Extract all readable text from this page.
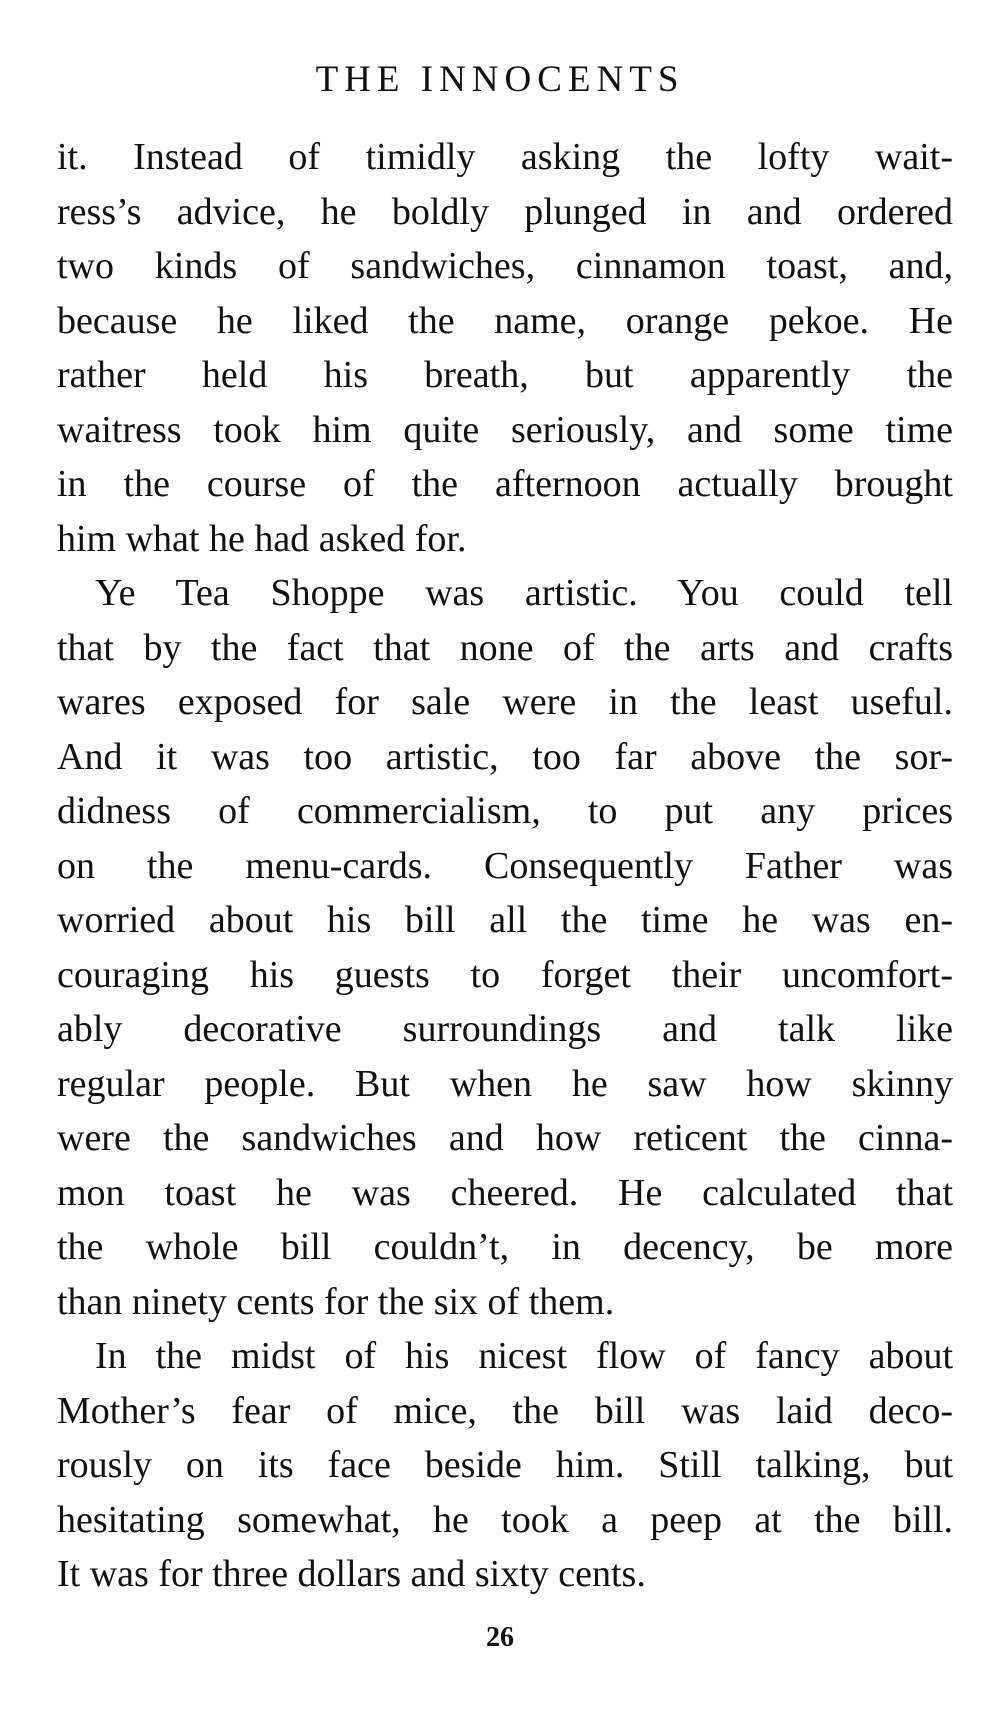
THE INNOCENTS

it. Instead of timidly asking the lofty wait-
ress’s advice, he boldly plunged in and ordered
two kinds of sandwiches, cinnamon toast, and,
because he liked the name, orange pekoe. He
rather held his breath, but apparently the
waitress took him quite seriously, and some time
in the course of the afternoon actually brought
him what he had asked for.

Ye Tea Shoppe was artistic. You could tell
that by the fact that none of the arts and crafts
wares exposed for sale were in the least useful.
And it was too artistic, too far above the sor-
didness of commercialism, to put any prices
on the menu-cards. Consequently Father was
worried about his bill all the time he was en-
couraging his guests to forget their uncomfort-
ably decorative surroundings and talk like
regular people. But when he saw how skinny
were the sandwiches and how reticent the cinna-
mon toast he was cheered. He calculated that
the whole bill couldn’t, in decency, be more
than ninety cents for the six of them.

In the midst of his nicest flow of fancy about
Mother’s fear of mice, the bill was laid deco-
rously on its face beside him. Still talking, but
hesitating somewhat, he took a peep at the bill.
It was for three dollars and sixty cents.

26
